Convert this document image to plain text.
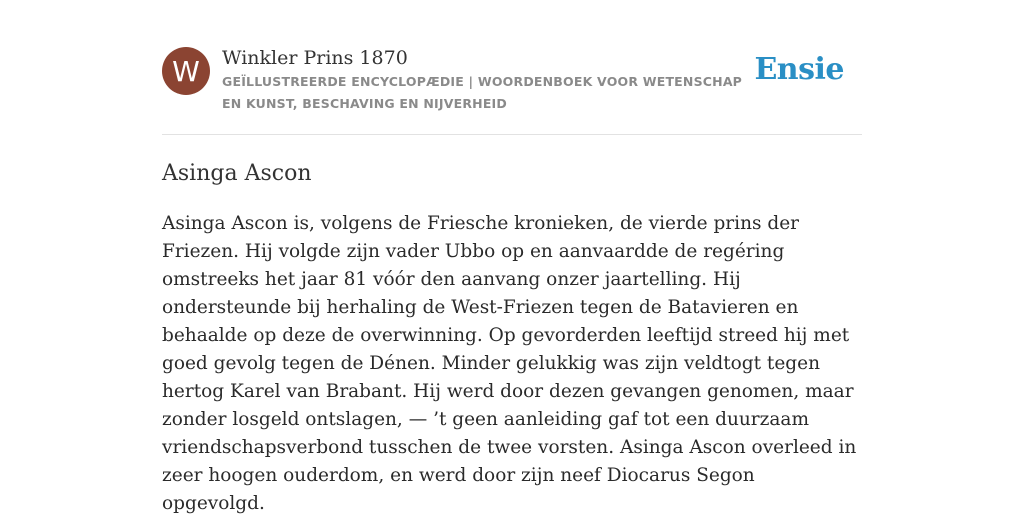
W	Winkler Prins 1870
GEÏLLUSTREERDE ENCYCLOPÆDIE | WOORDENBOEK VOOR WETENSCHAP EN KUNST, BESCHAVING EN NIJVERHEID
Ensie
Asinga Ascon
Asinga Ascon is, volgens de Friesche kronieken, de vierde prins der Friezen. Hij volgde zijn vader Ubbo op en aanvaardde de regéring omstreeks het jaar 81 vóór den aanvang onzer jaartelling. Hij ondersteunde bij herhaling de West-Friezen tegen de Batavieren en behaalde op deze de overwinning. Op gevorderden leeftijd streed hij met goed gevolg tegen de Dénen. Minder gelukkig was zijn veldtogt tegen hertog Karel van Brabant. Hij werd door dezen gevangen genomen, maar zonder losgeld ontslagen, — ’t geen aanleiding gaf tot een duurzaam vriendschapsverbond tusschen de twee vorsten. Asinga Ascon overleed in zeer hoogen ouderdom, en werd door zijn neef Diocarus Segon opgevolgd.
